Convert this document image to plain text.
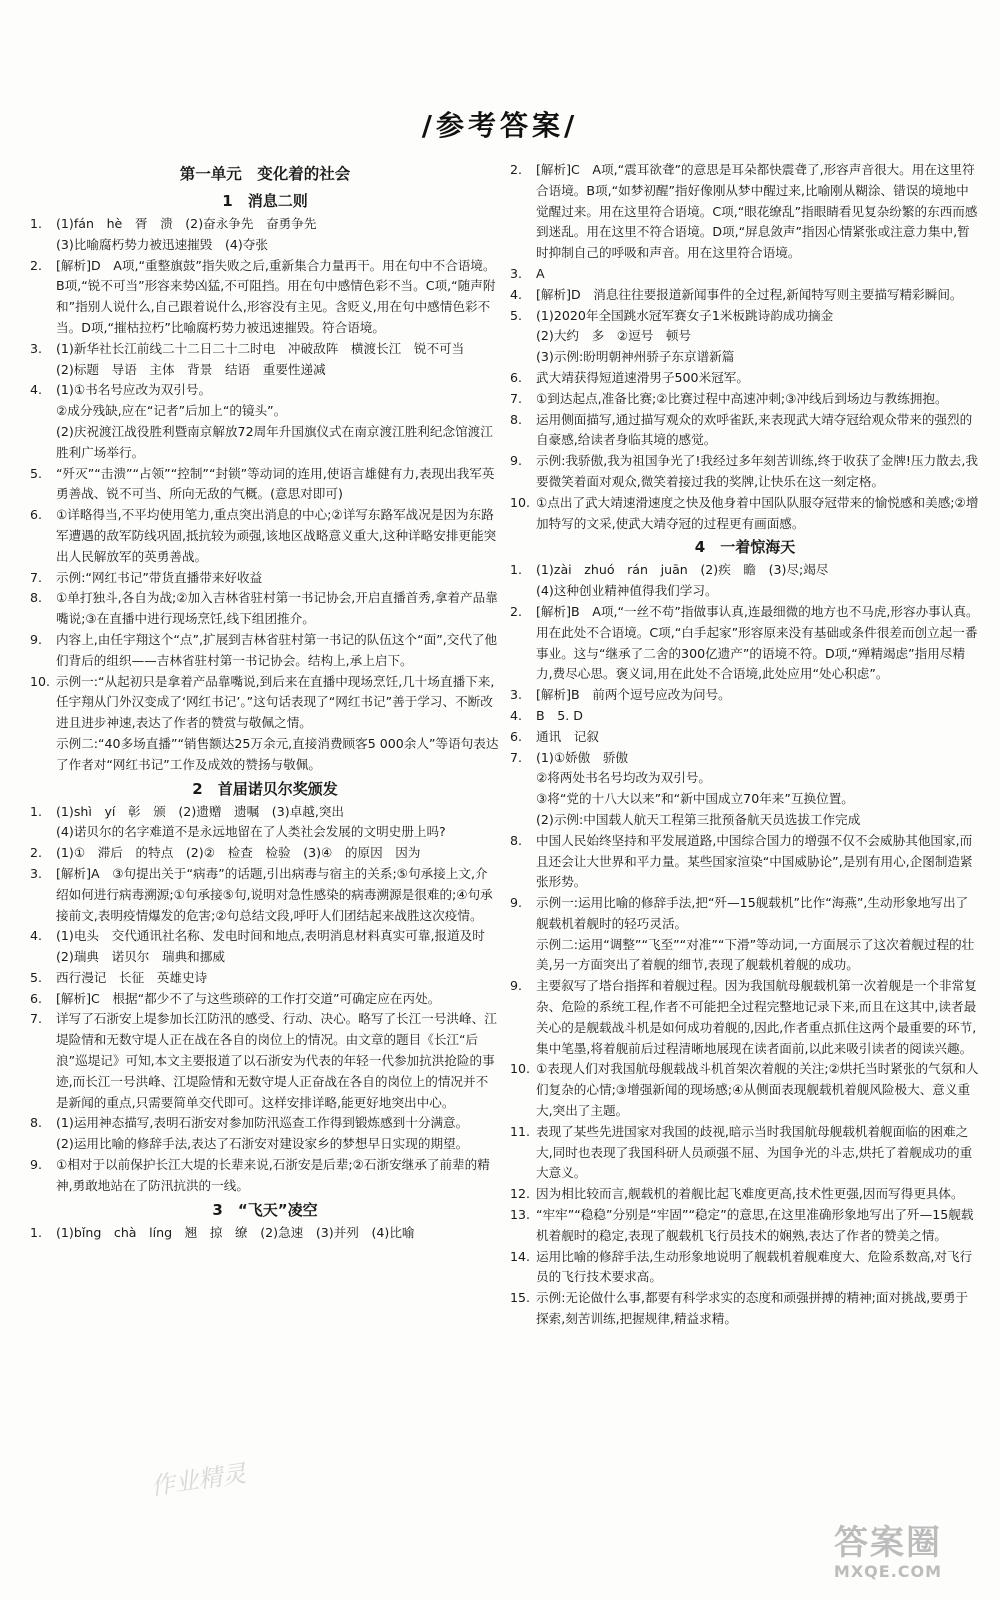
/参考答案/
第一单元　变化着的社会
1　消息二则
1.	(1)fán　hè　胥　溃　(2)奋永争先　奋勇争先
(3)比喻腐朽势力被迅速摧毁　(4)夺张
2.	[解析]D　A项,“重整旗鼓”指失败之后,重新集合力量再干。用在句中不合语境。B项,“锐不可当”形容来势凶猛,不可阻挡。用在句中感情色彩不当。C项,“随声附和”指别人说什么,自己跟着说什么,形容没有主见。含贬义,用在句中感情色彩不当。D项,“摧枯拉朽”比喻腐朽势力被迅速摧毁。符合语境。
3.	(1)新华社长江前线二十二日二十二时电　冲破敌阵　横渡长江　锐不可当
(2)标题　导语　主体　背景　结语　重要性递减
4.	(1)①书名号应改为双引号。
②成分残缺,应在“记者”后加上“的镜头”。
(2)庆祝渡江战役胜利暨南京解放72周年升国旗仪式在南京渡江胜利纪念馆渡江胜利广场举行。
5.	“歼灭”“击溃”“占领”“控制”“封锁”等动词的连用,使语言雄健有力,表现出我军英勇善战、锐不可当、所向无敌的气概。(意思对即可)
6.	①详略得当,不平均使用笔力,重点突出消息的中心;②详写东路军战况是因为东路军遭遇的敌军防线巩固,抵抗较为顽强,该地区战略意义重大,这种详略安排更能突出人民解放军的英勇善战。
7.	示例:“网红书记”带货直播带来好收益
8.	①单打独斗,各自为战;②加入吉林省驻村第一书记协会,开启直播首秀,拿着产品靠嘴说;③在直播中进行现场烹饪,线下组团推介。
9.	内容上,由任宇翔这个“点”,扩展到吉林省驻村第一书记的队伍这个“面”,交代了他们背后的组织——吉林省驻村第一书记协会。结构上,承上启下。
10. 示例一:“从起初只是拿着产品靠嘴说,到后来在直播中现场烹饪,几十场直播下来,任宇翔从门外汉变成了‘网红书记’。”这句话表现了“网红书记”善于学习、不断改进且进步神速,表达了作者的赞赏与敬佩之情。
示例二:“40多场直播”“销售额达25万余元,直接消费顾客5 000余人”等语句表达了作者对“网红书记”工作及成效的赞扬与敬佩。
2　首届诺贝尔奖颁发
1.	(1)shì　yí　彰　颁　(2)遗赠　遗嘱　(3)卓越,突出
(4)诺贝尔的名字难道不是永远地留在了人类社会发展的文明史册上吗?
2.	(1)①　滞后　的特点　(2)②　检查　检验　(3)④　的原因　因为
3.	[解析]A　③句提出关于“病毒”的话题,引出病毒与宿主的关系;⑤句承接上文,介绍如何进行病毒溯源;①句承接⑤句,说明对急性感染的病毒溯源是很难的;④句承接前文,表明疫情爆发的危害;②句总结文段,呼吁人们团结起来战胜这次疫情。
4.	(1)电头　交代通讯社名称、发电时间和地点,表明消息材料真实可靠,报道及时
(2)瑞典　诺贝尔　瑞典和挪威
5.	西行漫记　长征　英雄史诗
6.	[解析]C　根据“都少不了与这些琐碎的工作打交道”可确定应在丙处。
7.	详写了石浙安上堤参加长江防汛的感受、行动、决心。略写了长江一号洪峰、江堤险情和无数守堤人正在战在各自的岗位上的情况。由文章的题目《长江“后浪”巡堤记》可知,本文主要报道了以石浙安为代表的年轻一代参加抗洪抢险的事迹,而长江一号洪峰、江堤险情和无数守堤人正奋战在各自的岗位上的情况并不是新闻的重点,只需要简单交代即可。这样安排详略,能更好地突出中心。
8.	(1)运用神态描写,表明石浙安对参加防汛巡查工作得到锻炼感到十分满意。
(2)运用比喻的修辞手法,表达了石浙安对建设家乡的梦想早日实现的期望。
9.	①相对于以前保护长江大堤的长辈来说,石浙安是后辈;②石浙安继承了前辈的精神,勇敢地站在了防汛抗洪的一线。
3　“飞天”凌空
1.	(1)bǐng　chà　líng　翘　掠　缭　(2)急速　(3)并列　(4)比喻
2.	[解析]C　A项,“震耳欲聋”的意思是耳朵都快震聋了,形容声音很大。用在这里符合语境。B项,“如梦初醒”指好像刚从梦中醒过来,比喻刚从糊涂、错误的境地中觉醒过来。用在这里符合语境。C项,“眼花缭乱”指眼睛看见复杂纷繁的东西而感到迷乱。用在这里不符合语境。D项,“屏息敛声”指因心情紧张或注意力集中,暂时抑制自己的呼吸和声音。用在这里符合语境。
3.	A
4.	[解析]D　消息往往要报道新闻事件的全过程,新闻特写则主要描写精彩瞬间。
5.	(1)2020年全国跳水冠军赛女子1米板跳诗韵成功摘金
(2)大约　多　②逗号　顿号
(3)示例:盼明朝神州骄子东京谱新篇
6.	武大靖获得短道速滑男子500米冠军。
7.	①到达起点,准备比赛;②比赛过程中高速冲刺;③冲线后到场边与教练拥抱。
8.	运用侧面描写,通过描写观众的欢呼雀跃,来表现武大靖夺冠给观众带来的强烈的自豪感,给读者身临其境的感觉。
9.	示例:我骄傲,我为祖国争光了!我经过多年刻苦训练,终于收获了金牌!压力散去,我要微笑着面对观众,微笑着接过我的奖牌,让快乐在这一刻定格。
10. ①点出了武大靖速滑速度之快及他身着中国队队服夺冠带来的愉悦感和美感;②增加特写的文采,使武大靖夺冠的过程更有画面感。
4　一着惊海天
1.	(1)zài　zhuó　rán　juān　(2)疾　瞻　(3)尽;竭尽
(4)这种创业精神值得我们学习。
2.	[解析]B　A项,“一丝不苟”指做事认真,连最细微的地方也不马虎,形容办事认真。用在此处不合语境。C项,“白手起家”形容原来没有基础或条件很差而创立起一番事业。这与“继承了二舍的300亿遗产”的语境不符。D项,“殚精竭虑”指用尽精力,费尽心思。褒义词,用在此处不合语境,此处应用“处心积虑”。
3.	[解析]B　前两个逗号应改为问号。
4.	B　5. D
6.	通讯　记叙
7.	(1)①娇傲　骄傲
②将两处书名号均改为双引号。
③将“党的十八大以来”和“新中国成立70年来”互换位置。
(2)示例:中国载人航天工程第三批预备航天员选拔工作完成
8.	中国人民始终坚持和平发展道路,中国综合国力的增强不仅不会威胁其他国家,而且还会让大世界和平力量。某些国家渲染“中国威胁论”,是别有用心,企图制造紧张形势。
9.	示例一:运用比喻的修辞手法,把“歼—15舰载机”比作“海燕”,生动形象地写出了舰载机着舰时的轻巧灵活。
示例二:运用“调整”“飞至”“对准”“下滑”等动词,一方面展示了这次着舰过程的壮美,另一方面突出了着舰的细节,表现了舰载机着舰的成功。
9.	主要叙写了塔台指挥和着舰过程。因为我国航母舰载机第一次着舰是一个非常复杂、危险的系统工程,作者不可能把全过程完整地记录下来,而且在这其中,读者最关心的是舰载战斗机是如何成功着舰的,因此,作者重点抓住这两个最重要的环节,集中笔墨,将着舰前后过程清晰地展现在读者面前,以此来吸引读者的阅读兴趣。
10. ①表现人们对我国航母舰载战斗机首架次着舰的关注;②烘托当时紧张的气氛和人们复杂的心情;③增强新闻的现场感;④从侧面表现舰载机着舰风险极大、意义重大,突出了主题。
11. 表现了某些先进国家对我国的歧视,暗示当时我国航母舰载机着舰面临的困难之大,同时也表现了我国科研人员顽强不屈、为国争光的斗志,烘托了着舰成功的重大意义。
12. 因为相比较而言,舰载机的着舰比起飞难度更高,技术性更强,因而写得更具体。
13. “牢牢”“稳稳”分别是“牢固”“稳定”的意思,在这里准确形象地写出了歼—15舰载机着舰时的稳定,表现了舰载机飞行员技术的娴熟,表达了作者的赞美之情。
14. 运用比喻的修辞手法,生动形象地说明了舰载机着舰难度大、危险系数高,对飞行员的飞行技术要求高。
15. 示例:无论做什么事,都要有科学求实的态度和顽强拼搏的精神;面对挑战,要勇于探索,刻苦训练,把握规律,精益求精。
作业精灵
答案圈
MXQE.COM
